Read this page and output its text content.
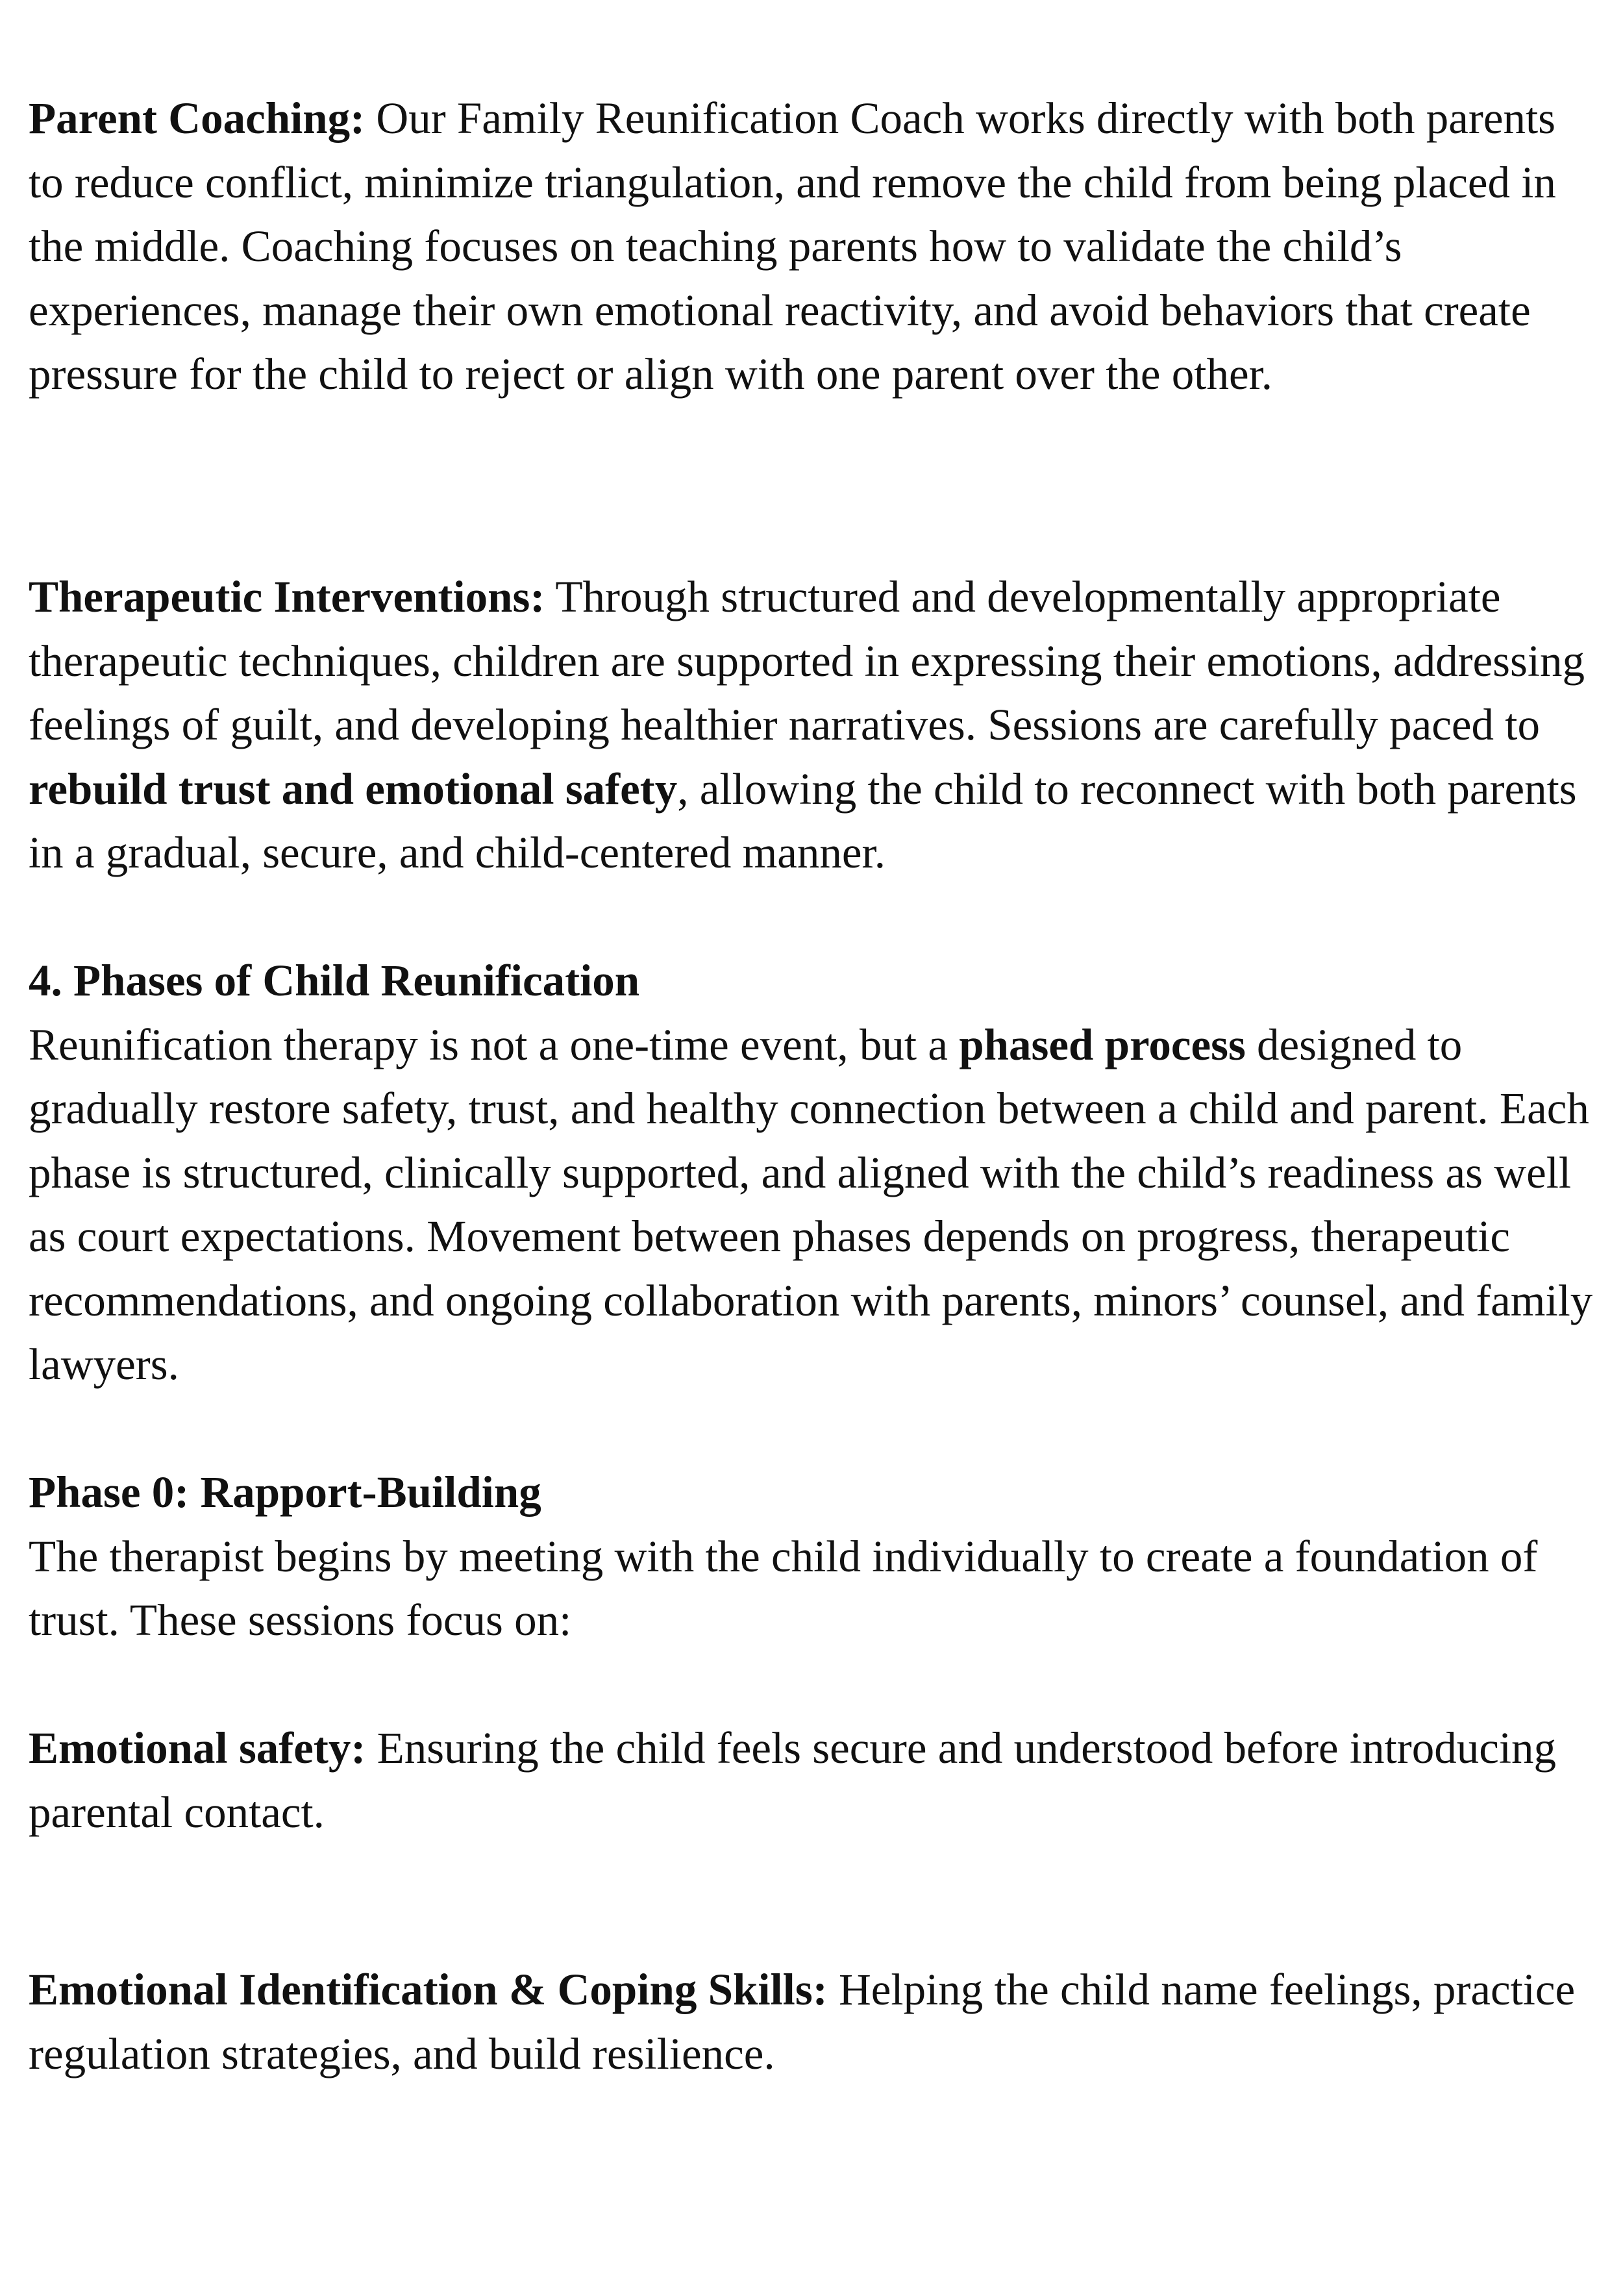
Parent Coaching: Our Family Reunification Coach works directly with both parents to reduce conflict, minimize triangulation, and remove the child from being placed in the middle. Coaching focuses on teaching parents how to validate the child’s experiences, manage their own emotional reactivity, and avoid behaviors that create pressure for the child to reject or align with one parent over the other.

Therapeutic Interventions: Through structured and developmentally appropriate therapeutic techniques, children are supported in expressing their emotions, addressing feelings of guilt, and developing healthier narratives. Sessions are carefully paced to rebuild trust and emotional safety, allowing the child to reconnect with both parents in a gradual, secure, and child-centered manner.

4. Phases of Child Reunification

Reunification therapy is not a one-time event, but a phased process designed to gradually restore safety, trust, and healthy connection between a child and parent. Each phase is structured, clinically supported, and aligned with the child’s readiness as well as court expectations. Movement between phases depends on progress, therapeutic recommendations, and ongoing collaboration with parents, minors’ counsel, and family lawyers.

Phase 0: Rapport-Building

The therapist begins by meeting with the child individually to create a foundation of trust. These sessions focus on:

Emotional safety: Ensuring the child feels secure and understood before introducing parental contact.

Emotional Identification & Coping Skills: Helping the child name feelings, practice regulation strategies, and build resilience.
